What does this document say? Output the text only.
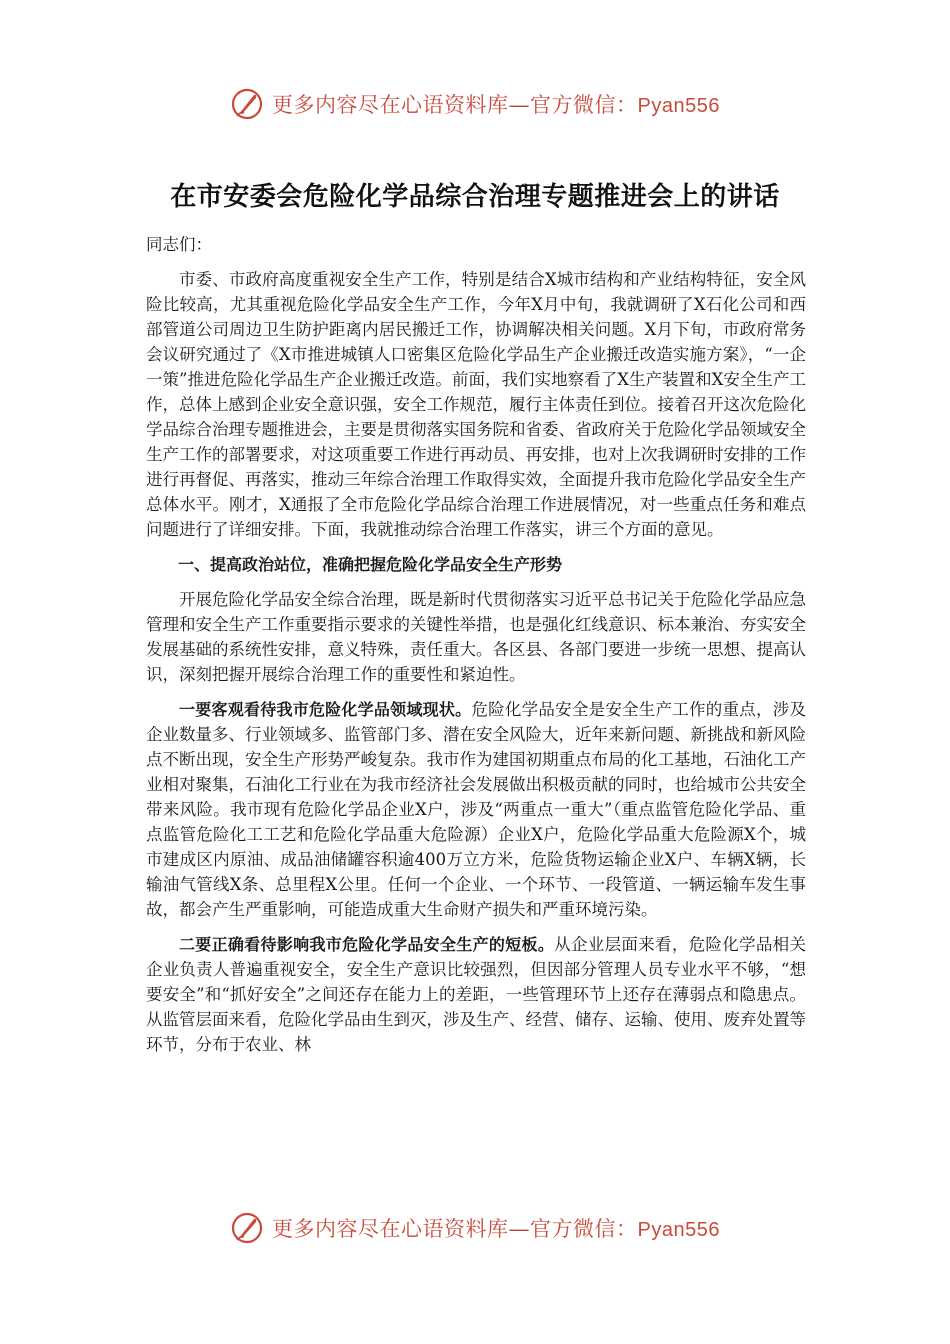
更多内容尽在心语资料库—官方微信：Pyan556
在市安委会危险化学品综合治理专题推进会上的讲话

同志们：

市委、市政府高度重视安全生产工作，特别是结合X城市结构和产业结构特征，安全风险比较高，尤其重视危险化学品安全生产工作，今年X月中旬，我就调研了X石化公司和西部管道公司周边卫生防护距离内居民搬迁工作，协调解决相关问题。X月下旬，市政府常务会议研究通过了《X市推进城镇人口密集区危险化学品生产企业搬迁改造实施方案》，“一企一策”推进危险化学品生产企业搬迁改造。前面，我们实地察看了X生产装置和X安全生产工作，总体上感到企业安全意识强，安全工作规范，履行主体责任到位。接着召开这次危险化学品综合治理专题推进会，主要是贯彻落实国务院和省委、省政府关于危险化学品领域安全生产工作的部署要求，对这项重要工作进行再动员、再安排，也对上次我调研时安排的工作进行再督促、再落实，推动三年综合治理工作取得实效，全面提升我市危险化学品安全生产总体水平。刚才，X通报了全市危险化学品综合治理工作进展情况，对一些重点任务和难点问题进行了详细安排。下面，我就推动综合治理工作落实，讲三个方面的意见。

一、提高政治站位，准确把握危险化学品安全生产形势

开展危险化学品安全综合治理，既是新时代贯彻落实习近平总书记关于危险化学品应急管理和安全生产工作重要指示要求的关键性举措，也是强化红线意识、标本兼治、夯实安全发展基础的系统性安排，意义特殊，责任重大。各区县、各部门要进一步统一思想、提高认识，深刻把握开展综合治理工作的重要性和紧迫性。

一要客观看待我市危险化学品领域现状。危险化学品安全是安全生产工作的重点，涉及企业数量多、行业领域多、监管部门多、潜在安全风险大，近年来新问题、新挑战和新风险点不断出现，安全生产形势严峻复杂。我市作为建国初期重点布局的化工基地，石油化工产业相对聚集，石油化工行业在为我市经济社会发展做出积极贡献的同时，也给城市公共安全带来风险。我市现有危险化学品企业X户，涉及“两重点一重大”（重点监管危险化学品、重点监管危险化工工艺和危险化学品重大危险源）企业X户，危险化学品重大危险源X个，城市建成区内原油、成品油储罐容积逾400万立方米，危险货物运输企业X户、车辆X辆，长输油气管线X条、总里程X公里。任何一个企业、一个环节、一段管道、一辆运输车发生事故，都会产生严重影响，可能造成重大生命财产损失和严重环境污染。

二要正确看待影响我市危险化学品安全生产的短板。从企业层面来看，危险化学品相关企业负责人普遍重视安全，安全生产意识比较强烈，但因部分管理人员专业水平不够，“想要安全”和“抓好安全”之间还存在能力上的差距，一些管理环节上还存在薄弱点和隐患点。从监管层面来看，危险化学品由生到灭，涉及生产、经营、储存、运输、使用、废弃处置等环节，分布于农业、林

更多内容尽在心语资料库—官方微信：Pyan556
